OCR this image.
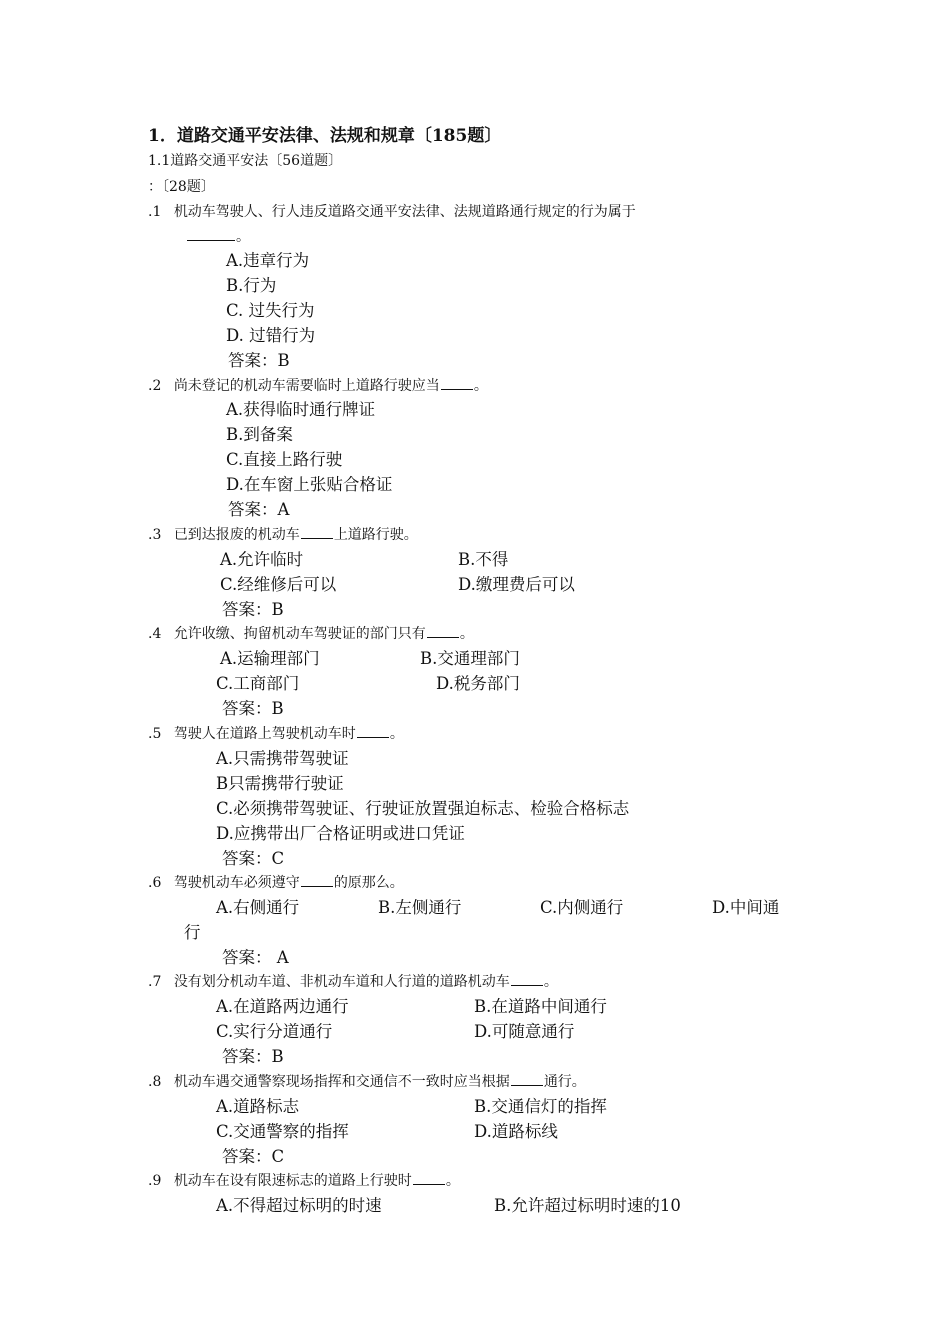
1．道路交通平安法律、法规和规章〔185题〕
1.1道路交通平安法〔56道题〕
：〔28题〕
.1 机动车驾驶人、行人违反道路交通平安法律、法规道路通行规定的行为属于
。
A.违章行为
B.行为
C. 过失行为
D. 过错行为
答案：B
.2 尚未登记的机动车需要临时上道路行驶应当 。
A.获得临时通行牌证
B.到备案
C.直接上路行驶
D.在车窗上张贴合格证
答案：A
.3 已到达报废的机动车 上道路行驶。
A.允许临时	B.不得
C.经维修后可以	D.缴理费后可以
答案：B
.4 允许收缴、拘留机动车驾驶证的部门只有 。
A.运输理部门	B.交通理部门
C.工商部门	D.税务部门
答案：B
.5 驾驶人在道路上驾驶机动车时 。
A.只需携带驾驶证
B只需携带行驶证
C.必须携带驾驶证、行驶证放置强迫标志、检验合格标志
D.应携带出厂合格证明或进口凭证
答案：C
.6 驾驶机动车必须遵守 的原那么。
A.右侧通行	B.左侧通行	C.内侧通行	D.中间通
行
答案： A
.7 没有划分机动车道、非机动车道和人行道的道路机动车 。
A.在道路两边通行	B.在道路中间通行
C.实行分道通行	D.可随意通行
答案：B
.8 机动车遇交通警察现场指挥和交通信不一致时应当根据 通行。
A.道路标志	B.交通信灯的指挥
C.交通警察的指挥	D.道路标线
答案：C
.9 机动车在设有限速标志的道路上行驶时 。
A.不得超过标明的时速	B.允许超过标明时速的10
